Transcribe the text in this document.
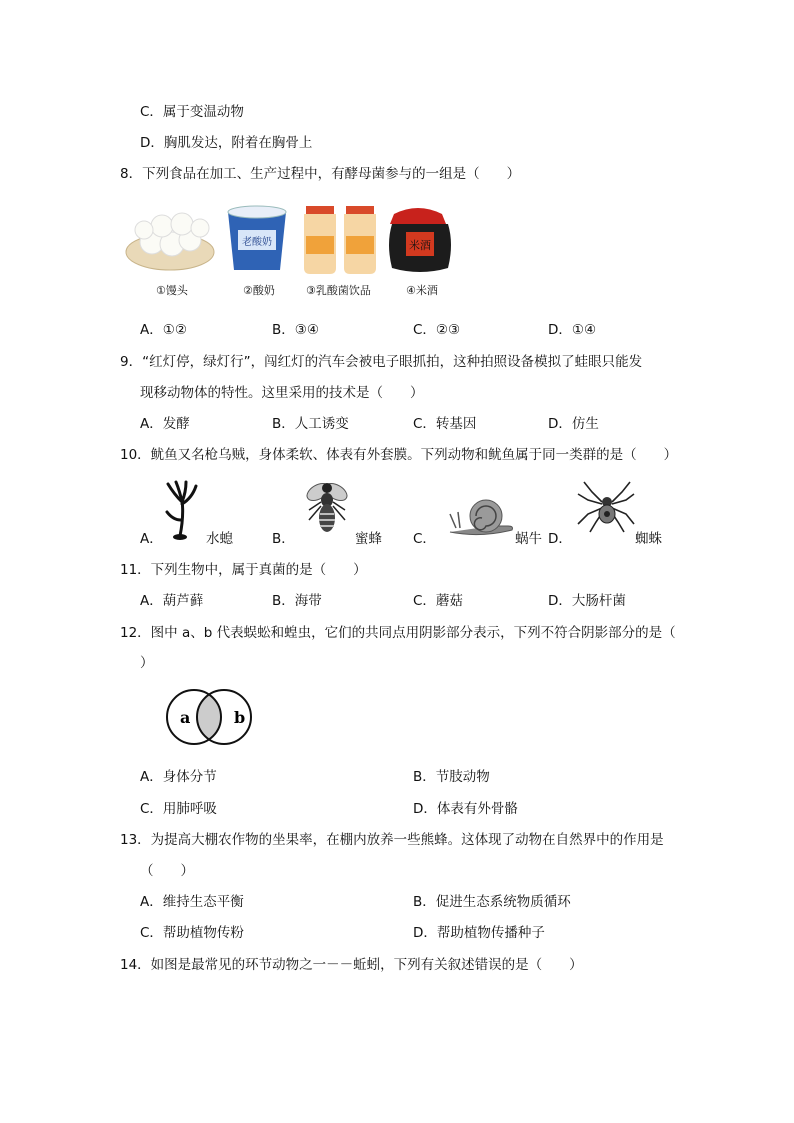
C．属于变温动物
D．胸肌发达，附着在胸骨上
8．下列食品在加工、生产过程中，有酵母菌参与的一组是（　　）
老酸奶	米酒
①馒头	②酸奶	③乳酸菌饮品	④米酒
A．①②	B．③④	C．②③	D．①④
9．“红灯停，绿灯行”，闯红灯的汽车会被电子眼抓拍，这种拍照设备模拟了蛙眼只能发
现移动物体的特性。这里采用的技术是（　　）
A．发酵	B．人工诱变	C．转基因	D．仿生
10．鱿鱼又名枪乌贼，身体柔软、体表有外套膜。下列动物和鱿鱼属于同一类群的是（　　）
A．	水螅	B．	蜜蜂 C．	蜗牛 D．	蜘蛛
11．下列生物中，属于真菌的是（　　）
A．葫芦藓	B．海带	C．蘑菇	D．大肠杆菌
12．图中 a、b 代表蜈蚣和蝗虫，它们的共同点用阴影部分表示，下列不符合阴影部分的是（
）
a	b
A．身体分节	B．节肢动物
C．用肺呼吸	D．体表有外骨骼
13．为提高大棚农作物的坐果率，在棚内放养一些熊蜂。这体现了动物在自然界中的作用是
（　　）
A．维持生态平衡	B．促进生态系统物质循环
C．帮助植物传粉	D．帮助植物传播种子
14．如图是最常见的环节动物之一－－蚯蚓，下列有关叙述错误的是（　　）
